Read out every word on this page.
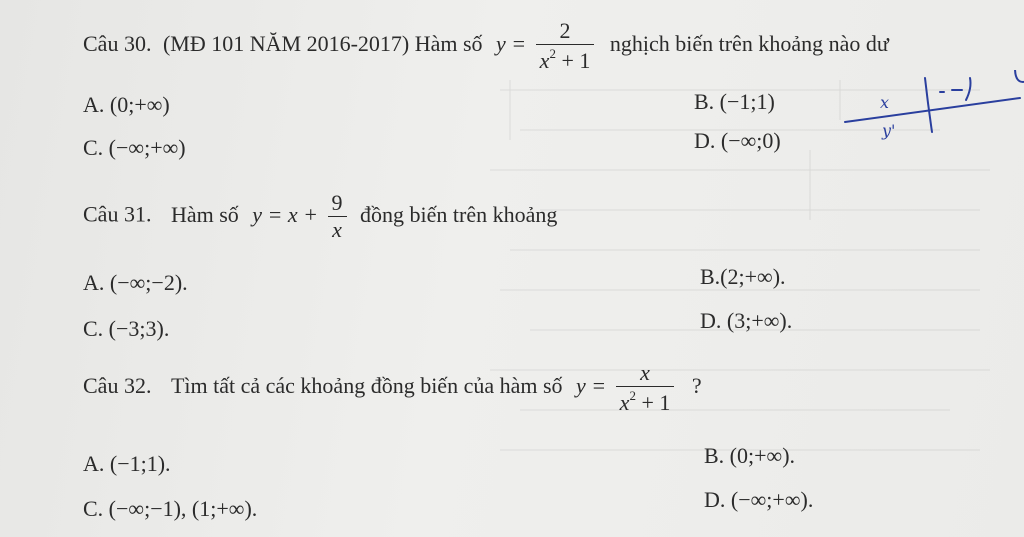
Câu 30. (MĐ 101 NĂM 2016-2017) Hàm số $y = \frac{2}{x^2 + 1}$ nghịch biến trên khoảng nào dư
A. (0;+∞)	B. (−1;1)
C. (−∞;+∞)	D. (−∞;0)
x
y'
Câu 31. Hàm số $y = x + \frac{9}{x}$ đồng biến trên khoảng
A. (−∞;−2).	B.(2;+∞).
C. (−3;3).	D. (3;+∞).
Câu 32. Tìm tất cả các khoảng đồng biến của hàm số $y = \frac{x}{x^2 + 1}$ ?
A. (−1;1).	B. (0;+∞).
C. (−∞;−1), (1;+∞).	D. (−∞;+∞).
